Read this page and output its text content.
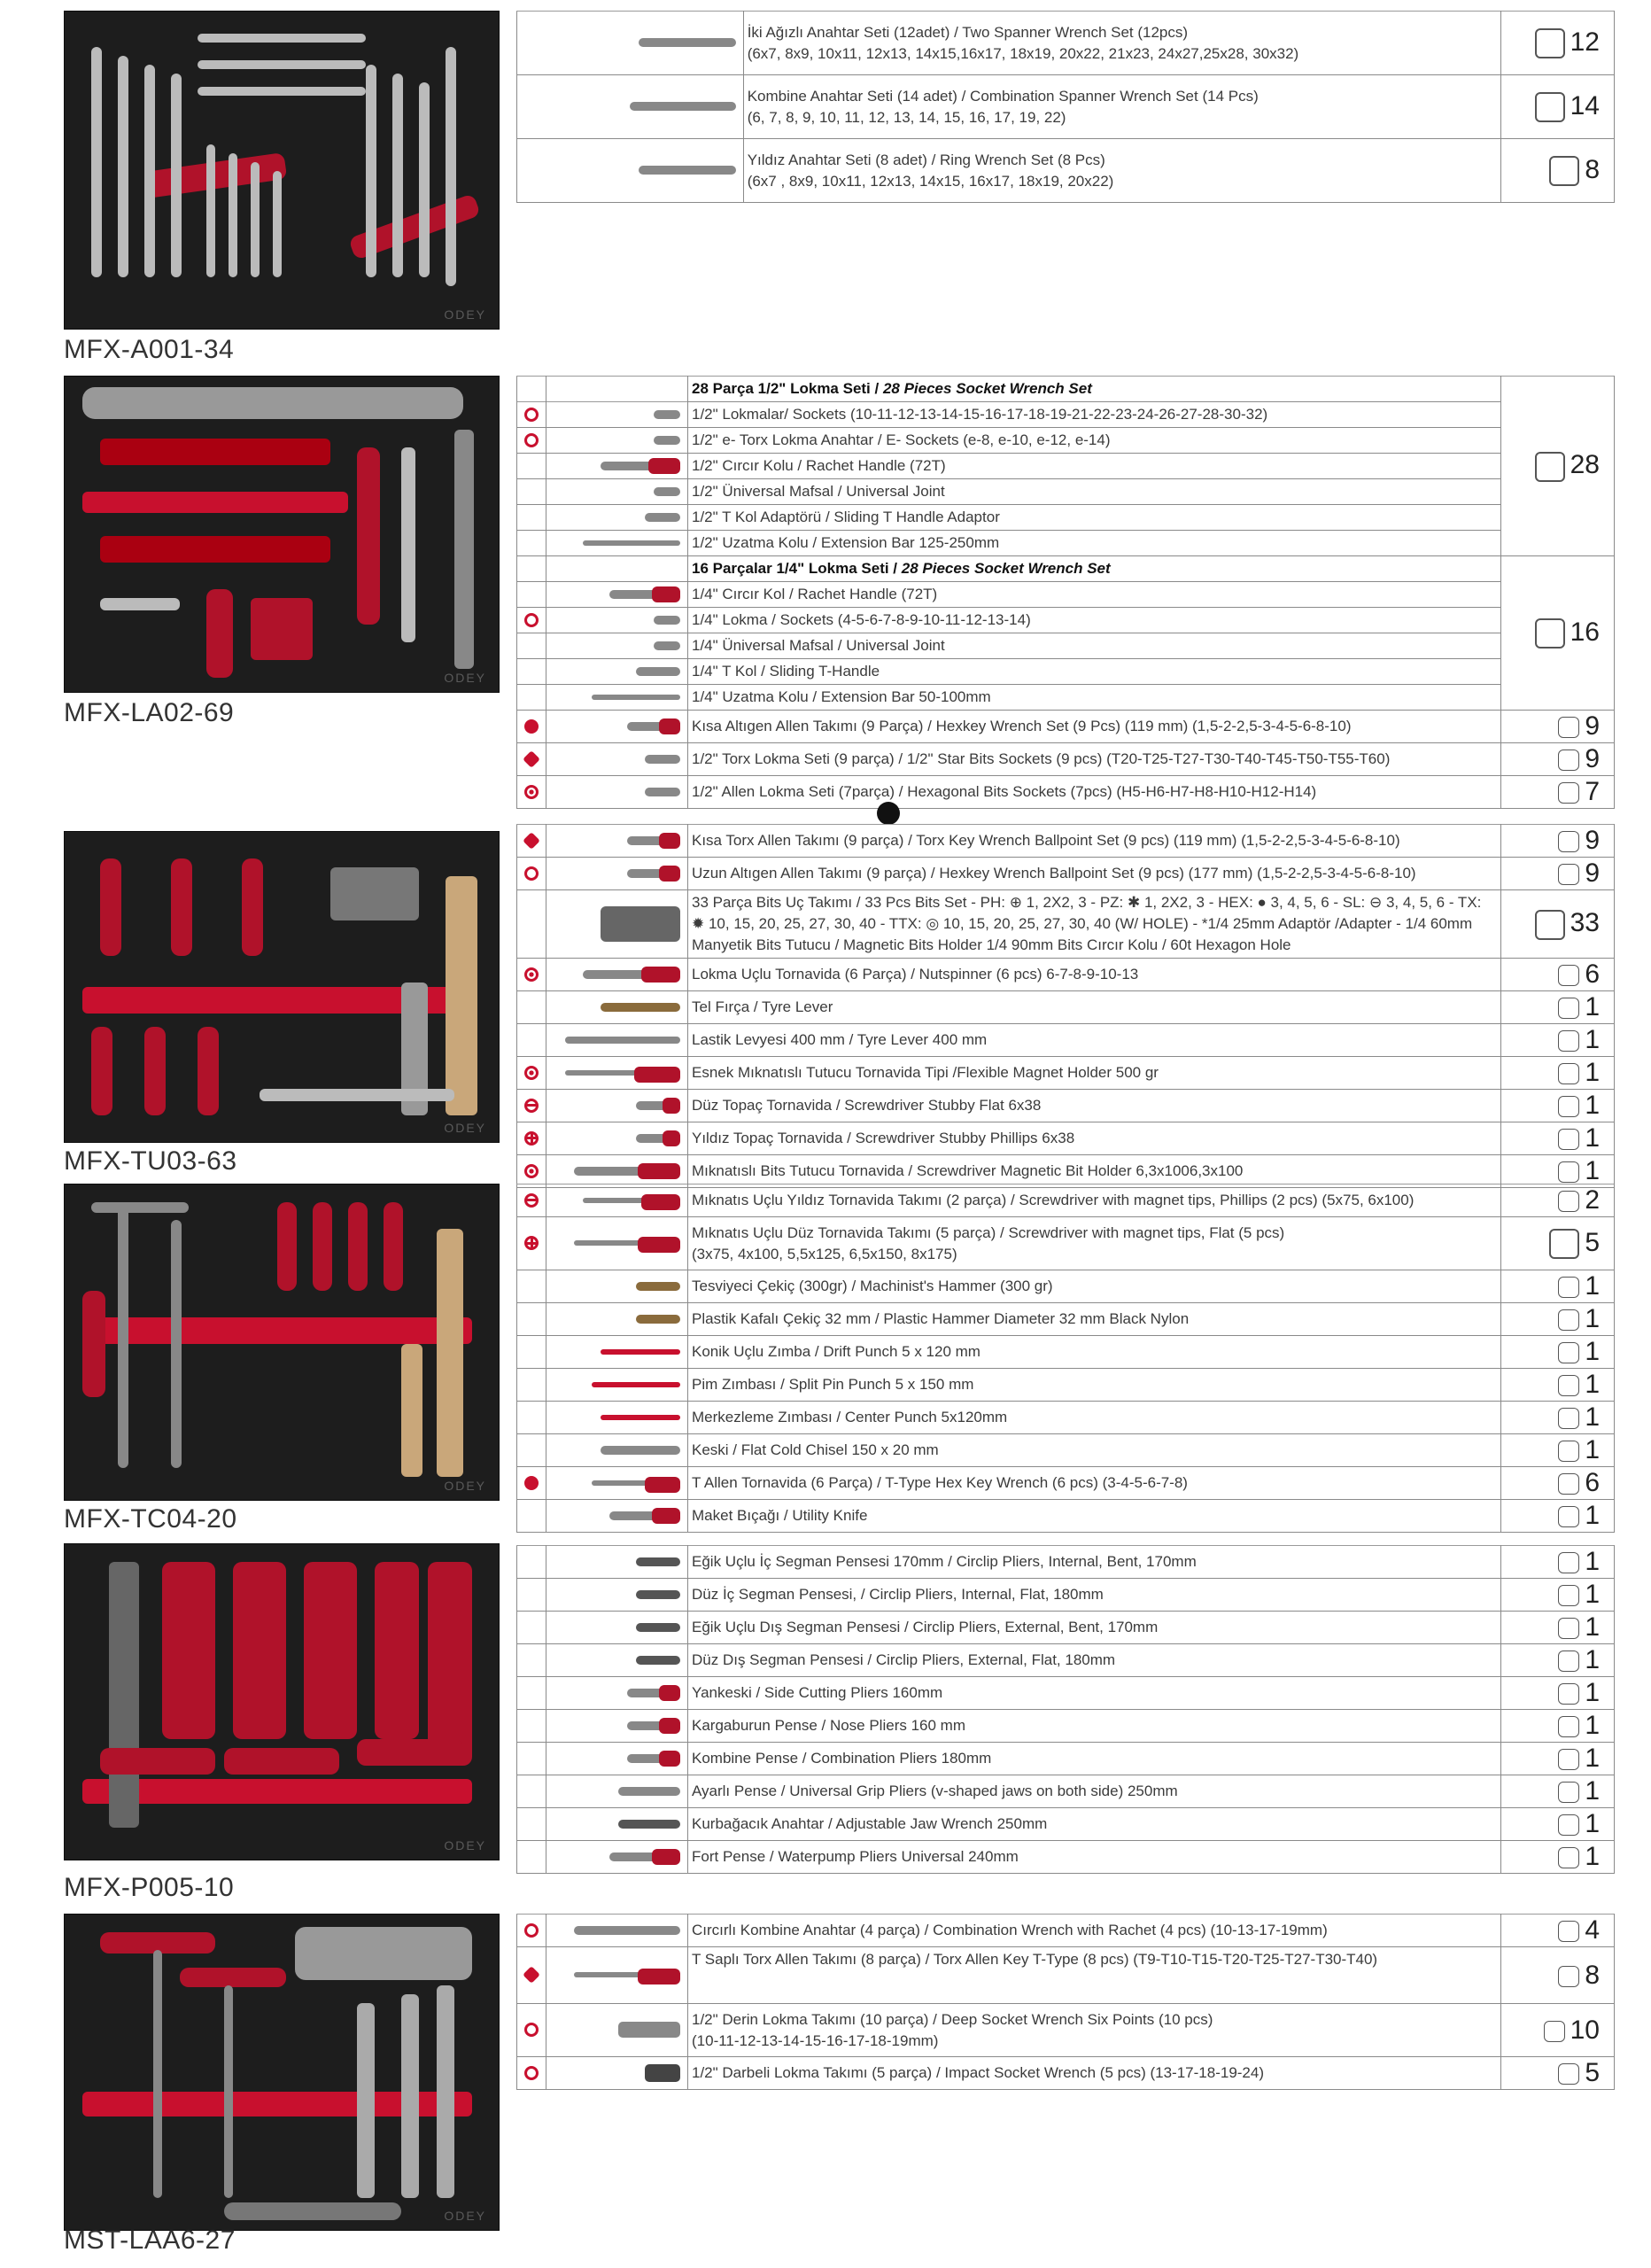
ODEY
MFX-A001-34
	İki Ağızlı Anahtar Seti (12adet) / Two Spanner Wrench Set (12pcs)
(6x7, 8x9, 10x11, 12x13, 14x15,16x17, 18x19, 20x22, 21x23, 24x27,25x28, 30x32)	12
	Kombine Anahtar Seti (14 adet) / Combination Spanner Wrench Set (14 Pcs)
(6, 7, 8, 9, 10, 11, 12, 13, 14, 15, 16, 17, 19, 22)	14
	Yıldız Anahtar Seti (8 adet) / Ring Wrench Set (8 Pcs)
(6x7 , 8x9, 10x11, 12x13, 14x15, 16x17, 18x19, 20x22)	8
ODEY
MFX-LA02-69
		28 Parça 1/2" Lokma Seti / 28 Pieces Socket Wrench Set	28
		1/2" Lokmalar/ Sockets (10-11-12-13-14-15-16-17-18-19-21-22-23-24-26-27-28-30-32)	
		1/2" e- Torx Lokma Anahtar / E- Sockets (e-8, e-10, e-12, e-14)	
		1/2" Cırcır Kolu / Rachet Handle (72T)	
		1/2" Üniversal Mafsal / Universal Joint	
		1/2" T Kol Adaptörü / Sliding T Handle Adaptor	
		1/2" Uzatma Kolu / Extension Bar 125-250mm	
		16 Parçalar 1/4" Lokma Seti / 28 Pieces Socket Wrench Set	16
		1/4" Cırcır Kol / Rachet Handle (72T)	
		1/4" Lokma / Sockets (4-5-6-7-8-9-10-11-12-13-14)	
		1/4" Üniversal Mafsal / Universal Joint	
		1/4" T Kol / Sliding T-Handle	
		1/4" Uzatma Kolu / Extension Bar 50-100mm	
		Kısa Altıgen Allen Takımı (9 Parça) / Hexkey Wrench Set (9 Pcs) (119 mm) (1,5-2-2,5-3-4-5-6-8-10)	9
		1/2" Torx Lokma Seti (9 parça) / 1/2" Star Bits Sockets (9 pcs) (T20-T25-T27-T30-T40-T45-T50-T55-T60)	9
		1/2" Allen Lokma Seti (7parça) / Hexagonal Bits Sockets (7pcs) (H5-H6-H7-H8-H10-H12-H14)	7
ODEY
MFX-TU03-63
		Kısa Torx Allen Takımı (9 parça) / Torx Key Wrench Ballpoint Set (9 pcs) (119 mm) (1,5-2-2,5-3-4-5-6-8-10)	9
		Uzun Altıgen Allen Takımı (9 parça) / Hexkey Wrench Ballpoint Set (9 pcs) (177 mm) (1,5-2-2,5-3-4-5-6-8-10)	9
		33 Parça Bits Uç Takımı / 33 Pcs Bits Set - PH: ⊕ 1, 2X2, 3 - PZ: ✱ 1, 2X2, 3 - HEX: ● 3, 4, 5, 6 - SL: ⊖ 3, 4, 5, 6 - TX: ✹ 10, 15, 20, 25, 27, 30, 40 - TTX: ◎ 10, 15, 20, 25, 27, 30, 40 (W/ HOLE) - *1/4 25mm Adaptör /Adapter - 1/4 60mm Manyetik Bits Tutucu / Magnetic Bits Holder 1/4 90mm Bits Cırcır Kolu / 60t Hexagon Hole	33
		Lokma Uçlu Tornavida (6 Parça) / Nutspinner (6 pcs) 6-7-8-9-10-13	6
		Tel Fırça / Tyre Lever	1
		Lastik Levyesi 400 mm / Tyre Lever 400 mm	1
		Esnek Mıknatıslı Tutucu Tornavida Tipi /Flexible Magnet Holder 500 gr	1
		Düz Topaç Tornavida / Screwdriver Stubby Flat 6x38	1
		Yıldız Topaç Tornavida / Screwdriver Stubby Phillips 6x38	1
		Mıknatıslı Bits Tutucu Tornavida / Screwdriver Magnetic Bit Holder 6,3x1006,3x100	1
ODEY
MFX-TC04-20
		Mıknatıs Uçlu Yıldız Tornavida Takımı (2 parça) / Screwdriver with magnet tips, Phillips (2 pcs) (5x75, 6x100)	2
		Mıknatıs Uçlu Düz Tornavida Takımı (5 parça) / Screwdriver with magnet tips, Flat (5 pcs)
(3x75, 4x100, 5,5x125, 6,5x150, 8x175)	5
		Tesviyeci Çekiç (300gr) / Machinist's Hammer (300 gr)	1
		Plastik Kafalı Çekiç 32 mm / Plastic Hammer Diameter 32 mm Black Nylon	1
		Konik Uçlu Zımba / Drift Punch 5 x 120 mm	1
		Pim Zımbası / Split Pin Punch 5 x 150 mm	1
		Merkezleme Zımbası / Center Punch 5x120mm	1
		Keski / Flat Cold Chisel 150 x 20 mm	1
		T Allen Tornavida (6 Parça) / T-Type Hex Key Wrench (6 pcs) (3-4-5-6-7-8)	6
		Maket Bıçağı / Utility Knife	1
ODEY
MFX-P005-10
		Eğik Uçlu İç Segman Pensesi 170mm / Circlip Pliers, Internal, Bent, 170mm	1
		Düz İç Segman Pensesi, / Circlip Pliers, Internal, Flat, 180mm	1
		Eğik Uçlu Dış Segman Pensesi / Circlip Pliers, External, Bent, 170mm	1
		Düz Dış Segman Pensesi / Circlip Pliers, External, Flat, 180mm	1
		Yankeski / Side Cutting Pliers 160mm	1
		Kargaburun Pense / Nose Pliers 160 mm	1
		Kombine Pense / Combination Pliers 180mm	1
		Ayarlı Pense / Universal Grip Pliers (v-shaped jaws on both side) 250mm	1
		Kurbağacık Anahtar / Adjustable Jaw Wrench 250mm	1
		Fort Pense / Waterpump Pliers Universal 240mm	1
ODEY
MST-LAA6-27
		Cırcırlı Kombine Anahtar (4 parça) / Combination Wrench with Rachet (4 pcs) (10-13-17-19mm)	4
		T Saplı Torx Allen Takımı (8 parça) / Torx Allen Key T-Type (8 pcs) (T9-T10-T15-T20-T25-T27-T30-T40)	8
		1/2" Derin Lokma Takımı (10 parça) / Deep Socket Wrench Six Points (10 pcs)
(10-11-12-13-14-15-16-17-18-19mm)	10
		1/2" Darbeli Lokma Takımı (5 parça) / Impact Socket Wrench (5 pcs) (13-17-18-19-24)	5
